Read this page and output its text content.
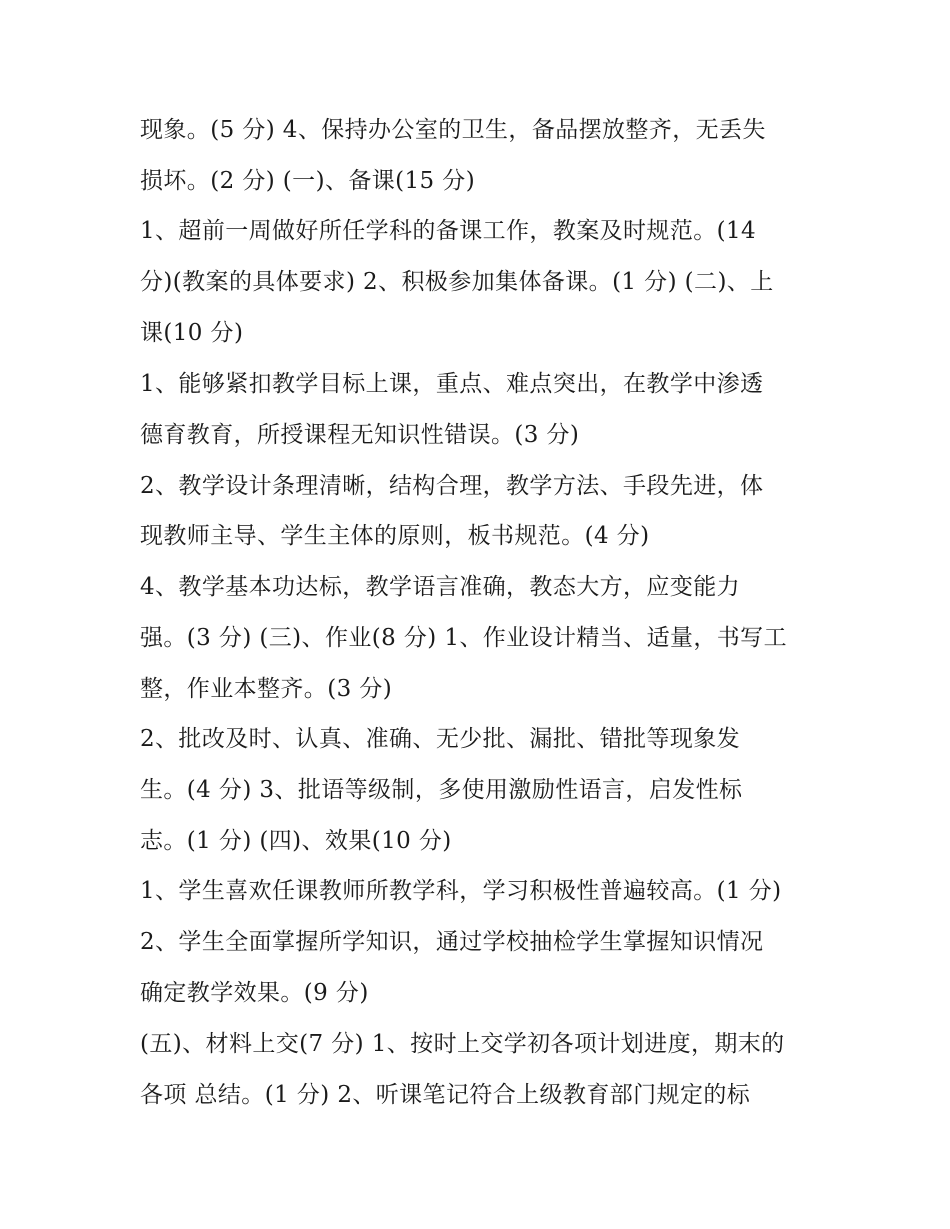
现象。(5 分) 4、保持办公室的卫生，备品摆放整齐，无丢失
损坏。(2 分) (一)、备课(15 分)
1、超前一周做好所任学科的备课工作，教案及时规范。(14
分)(教案的具体要求) 2、积极参加集体备课。(1 分) (二)、上
课(10 分)
1、能够紧扣教学目标上课，重点、难点突出，在教学中渗透
德育教育，所授课程无知识性错误。(3 分)
2、教学设计条理清晰，结构合理，教学方法、手段先进，体
现教师主导、学生主体的原则，板书规范。(4 分)
4、教学基本功达标，教学语言准确，教态大方，应变能力
强。(3 分) (三)、作业(8 分) 1、作业设计精当、适量，书写工
整，作业本整齐。(3 分)
2、批改及时、认真、准确、无少批、漏批、错批等现象发
生。(4 分) 3、批语等级制，多使用激励性语言，启发性标
志。(1 分) (四)、效果(10 分)
1、学生喜欢任课教师所教学科，学习积极性普遍较高。(1 分)
2、学生全面掌握所学知识，通过学校抽检学生掌握知识情况
确定教学效果。(9 分)
(五)、材料上交(7 分) 1、按时上交学初各项计划进度，期末的
各项 总结。(1 分) 2、听课笔记符合上级教育部门规定的标
